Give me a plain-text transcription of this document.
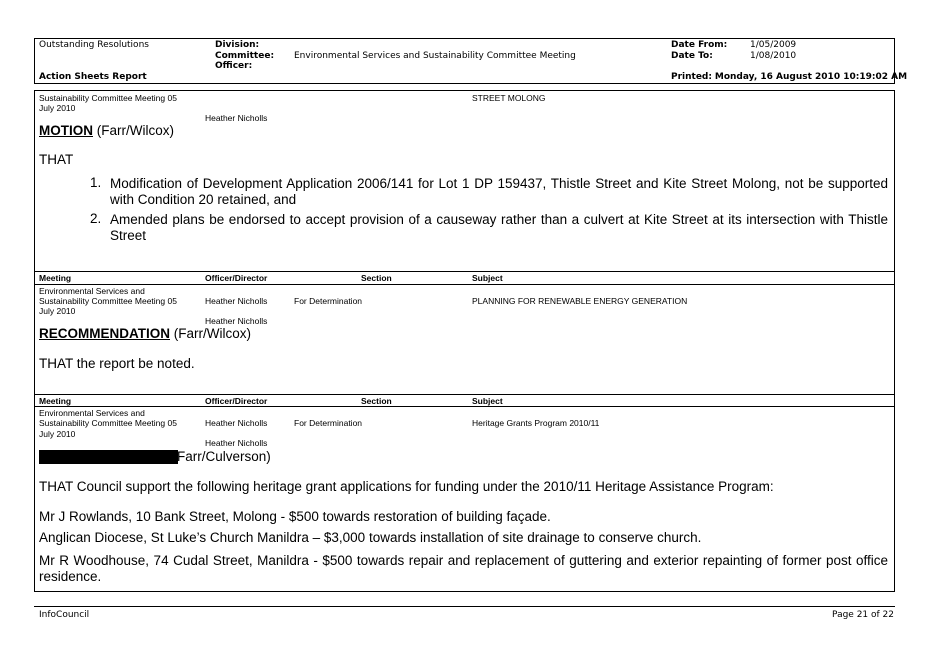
Outstanding Resolutions
Action Sheets Report
Division:
Committee: Environmental Services and Sustainability Committee Meeting
Officer:
Date From:	1/05/2009
Date To:	1/08/2010
Printed: Monday, 16 August 2010 10:19:02 AM
Sustainability Committee Meeting 05
July 2010
STREET MOLONG
Heather Nicholls
MOTION (Farr/Wilcox)
THAT
1. Modification of Development Application 2006/141 for Lot 1 DP 159437, Thistle Street and Kite Street Molong, not be supported
with Condition 20 retained, and
2. Amended plans be endorsed to accept provision of a causeway rather than a culvert at Kite Street at its intersection with Thistle
Street
Meeting	Officer/Director	Section	Subject
Environmental Services and
Sustainability Committee Meeting 05
July 2010
Heather Nicholls	For Determination	PLANNING FOR RENEWABLE ENERGY GENERATION
Heather Nicholls
RECOMMENDATION (Farr/Wilcox)
THAT the report be noted.
Meeting	Officer/Director	Section	Subject
Environmental Services and
Sustainability Committee Meeting 05
July 2010
Heather Nicholls	For Determination	Heritage Grants Program 2010/11
Heather Nicholls
Farr/Culverson)
THAT Council support the following heritage grant applications for funding under the 2010/11 Heritage Assistance Program:
Mr J Rowlands, 10 Bank Street, Molong - $500 towards restoration of building façade.
Anglican Diocese, St Luke’s Church Manildra – $3,000 towards installation of site drainage to conserve church.
Mr R Woodhouse, 74 Cudal Street, Manildra - $500 towards repair and replacement of guttering and exterior repainting of former post office
residence.
InfoCouncil	Page 21 of 22
